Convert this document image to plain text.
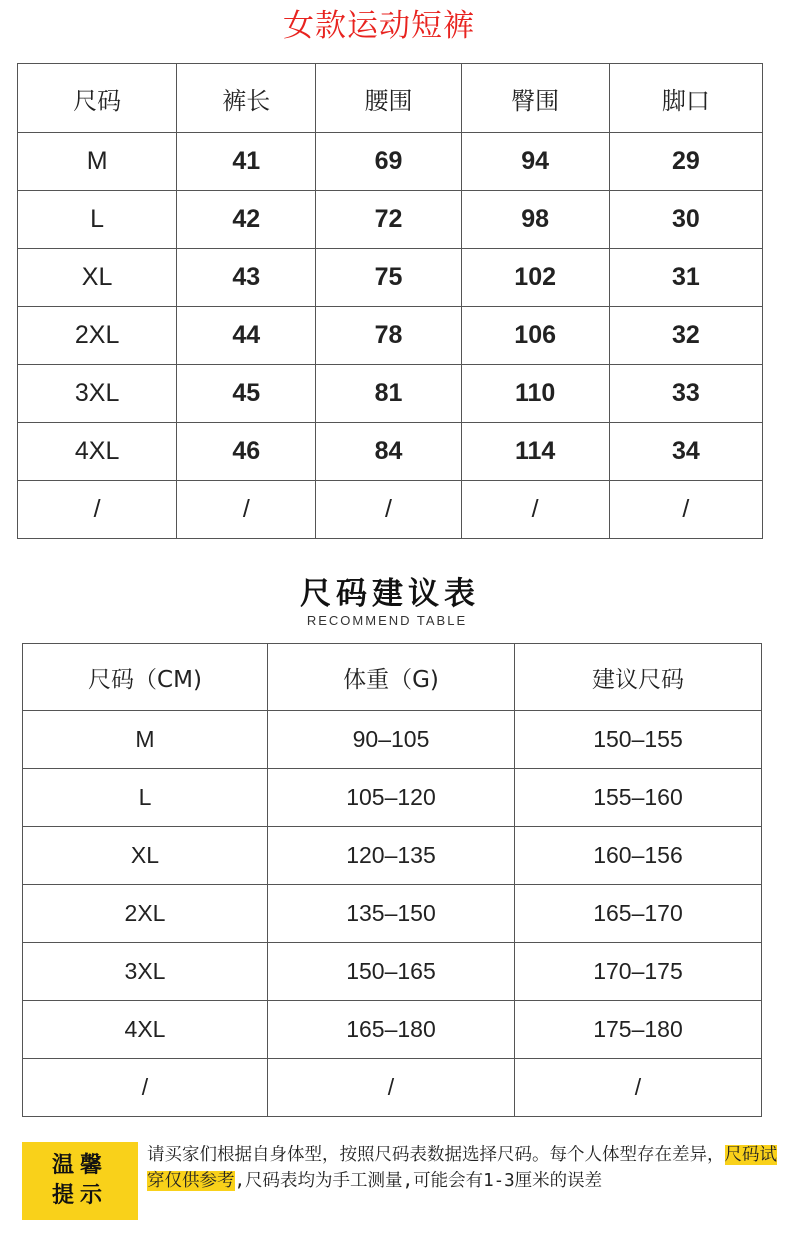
女款运动短裤
尺码	裤长	腰围	臀围	脚口
M	41	69	94	29
L	42	72	98	30
XL	43	75	102	31
2XL	44	78	106	32
3XL	45	81	110	33
4XL	46	84	114	34
/	/	/	/	/
尺码建议表
RECOMMEND TABLE
尺码（CM)	体重（G)	建议尺码
M	90–105	150–155
L	105–120	155–160
XL	120–135	160–156
2XL	135–150	165–170
3XL	150–165	170–175
4XL	165–180	175–180
/	/	/
温馨
提示
请买家们根据自身体型，按照尺码表数据选择尺码。每个人体型存在差异，尺码试穿仅供参考,尺码表均为手工测量,可能会有1-3厘米的误差
